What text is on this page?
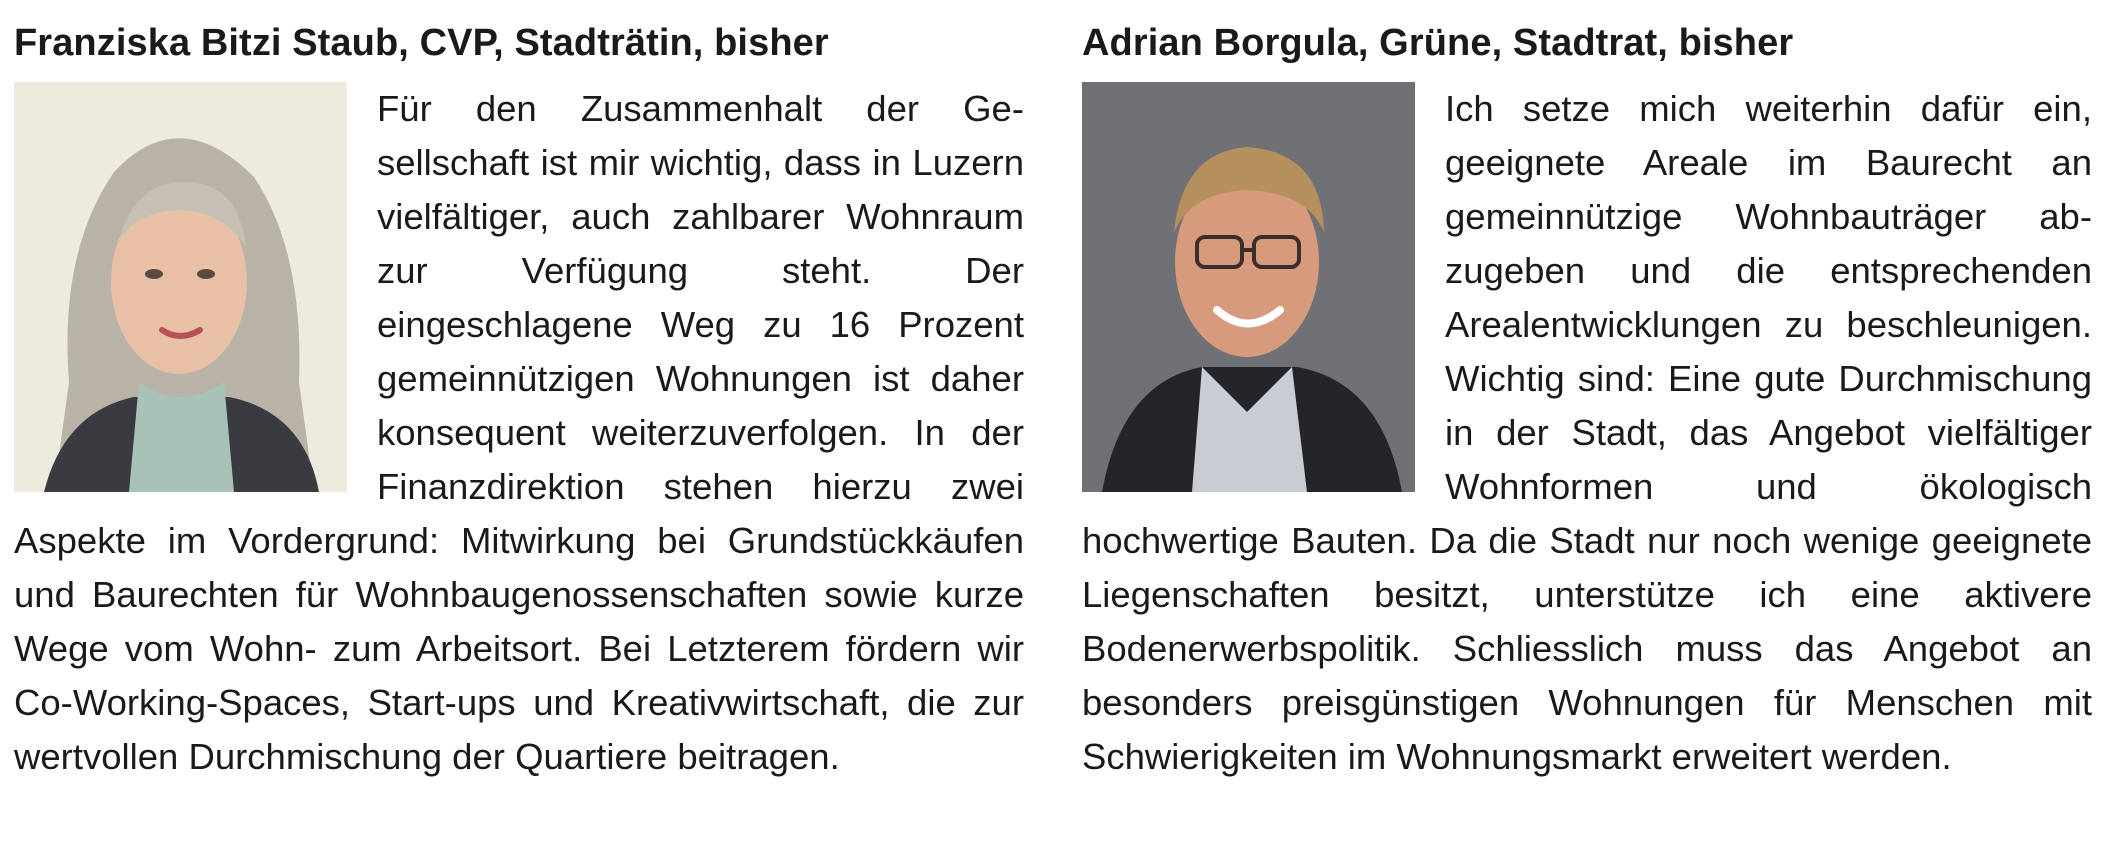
Franziska Bitzi Staub, CVP, Stadträtin, bisher

Für den Zusammenhalt der Gesellschaft ist mir wichtig, dass in Luzern vielfältiger, auch zahlbarer Wohnraum zur Verfügung steht. Der eingeschlagene Weg zu 16 Prozent gemeinnützigen Wohnungen ist daher konsequent weiterzuverfolgen. In der Finanzdirektion stehen hierzu zwei Aspekte im Vordergrund: Mitwirkung bei Grundstückkäufen und Baurechten für Wohnbaugenossenschaften sowie kurze Wege vom Wohn- zum Arbeitsort. Bei Letzterem fördern wir Co-Working-Spaces, Start-ups und Kreativwirtschaft, die zur wertvollen Durchmischung der Quartiere beitragen.

Adrian Borgula, Grüne, Stadtrat, bisher

Ich setze mich weiterhin dafür ein, geeignete Areale im Baurecht an gemeinnützige Wohnbauträger abzugeben und die entsprechenden Arealentwicklungen zu beschleunigen. Wichtig sind: Eine gute Durchmischung in der Stadt, das Angebot vielfältiger Wohnformen und ökologisch hochwertige Bauten. Da die Stadt nur noch wenige geeignete Liegenschaften besitzt, unterstütze ich eine aktivere Bodenerwerbspolitik. Schliesslich muss das Angebot an besonders preisgünstigen Wohnungen für Menschen mit Schwierigkeiten im Wohnungsmarkt erweitert werden.
